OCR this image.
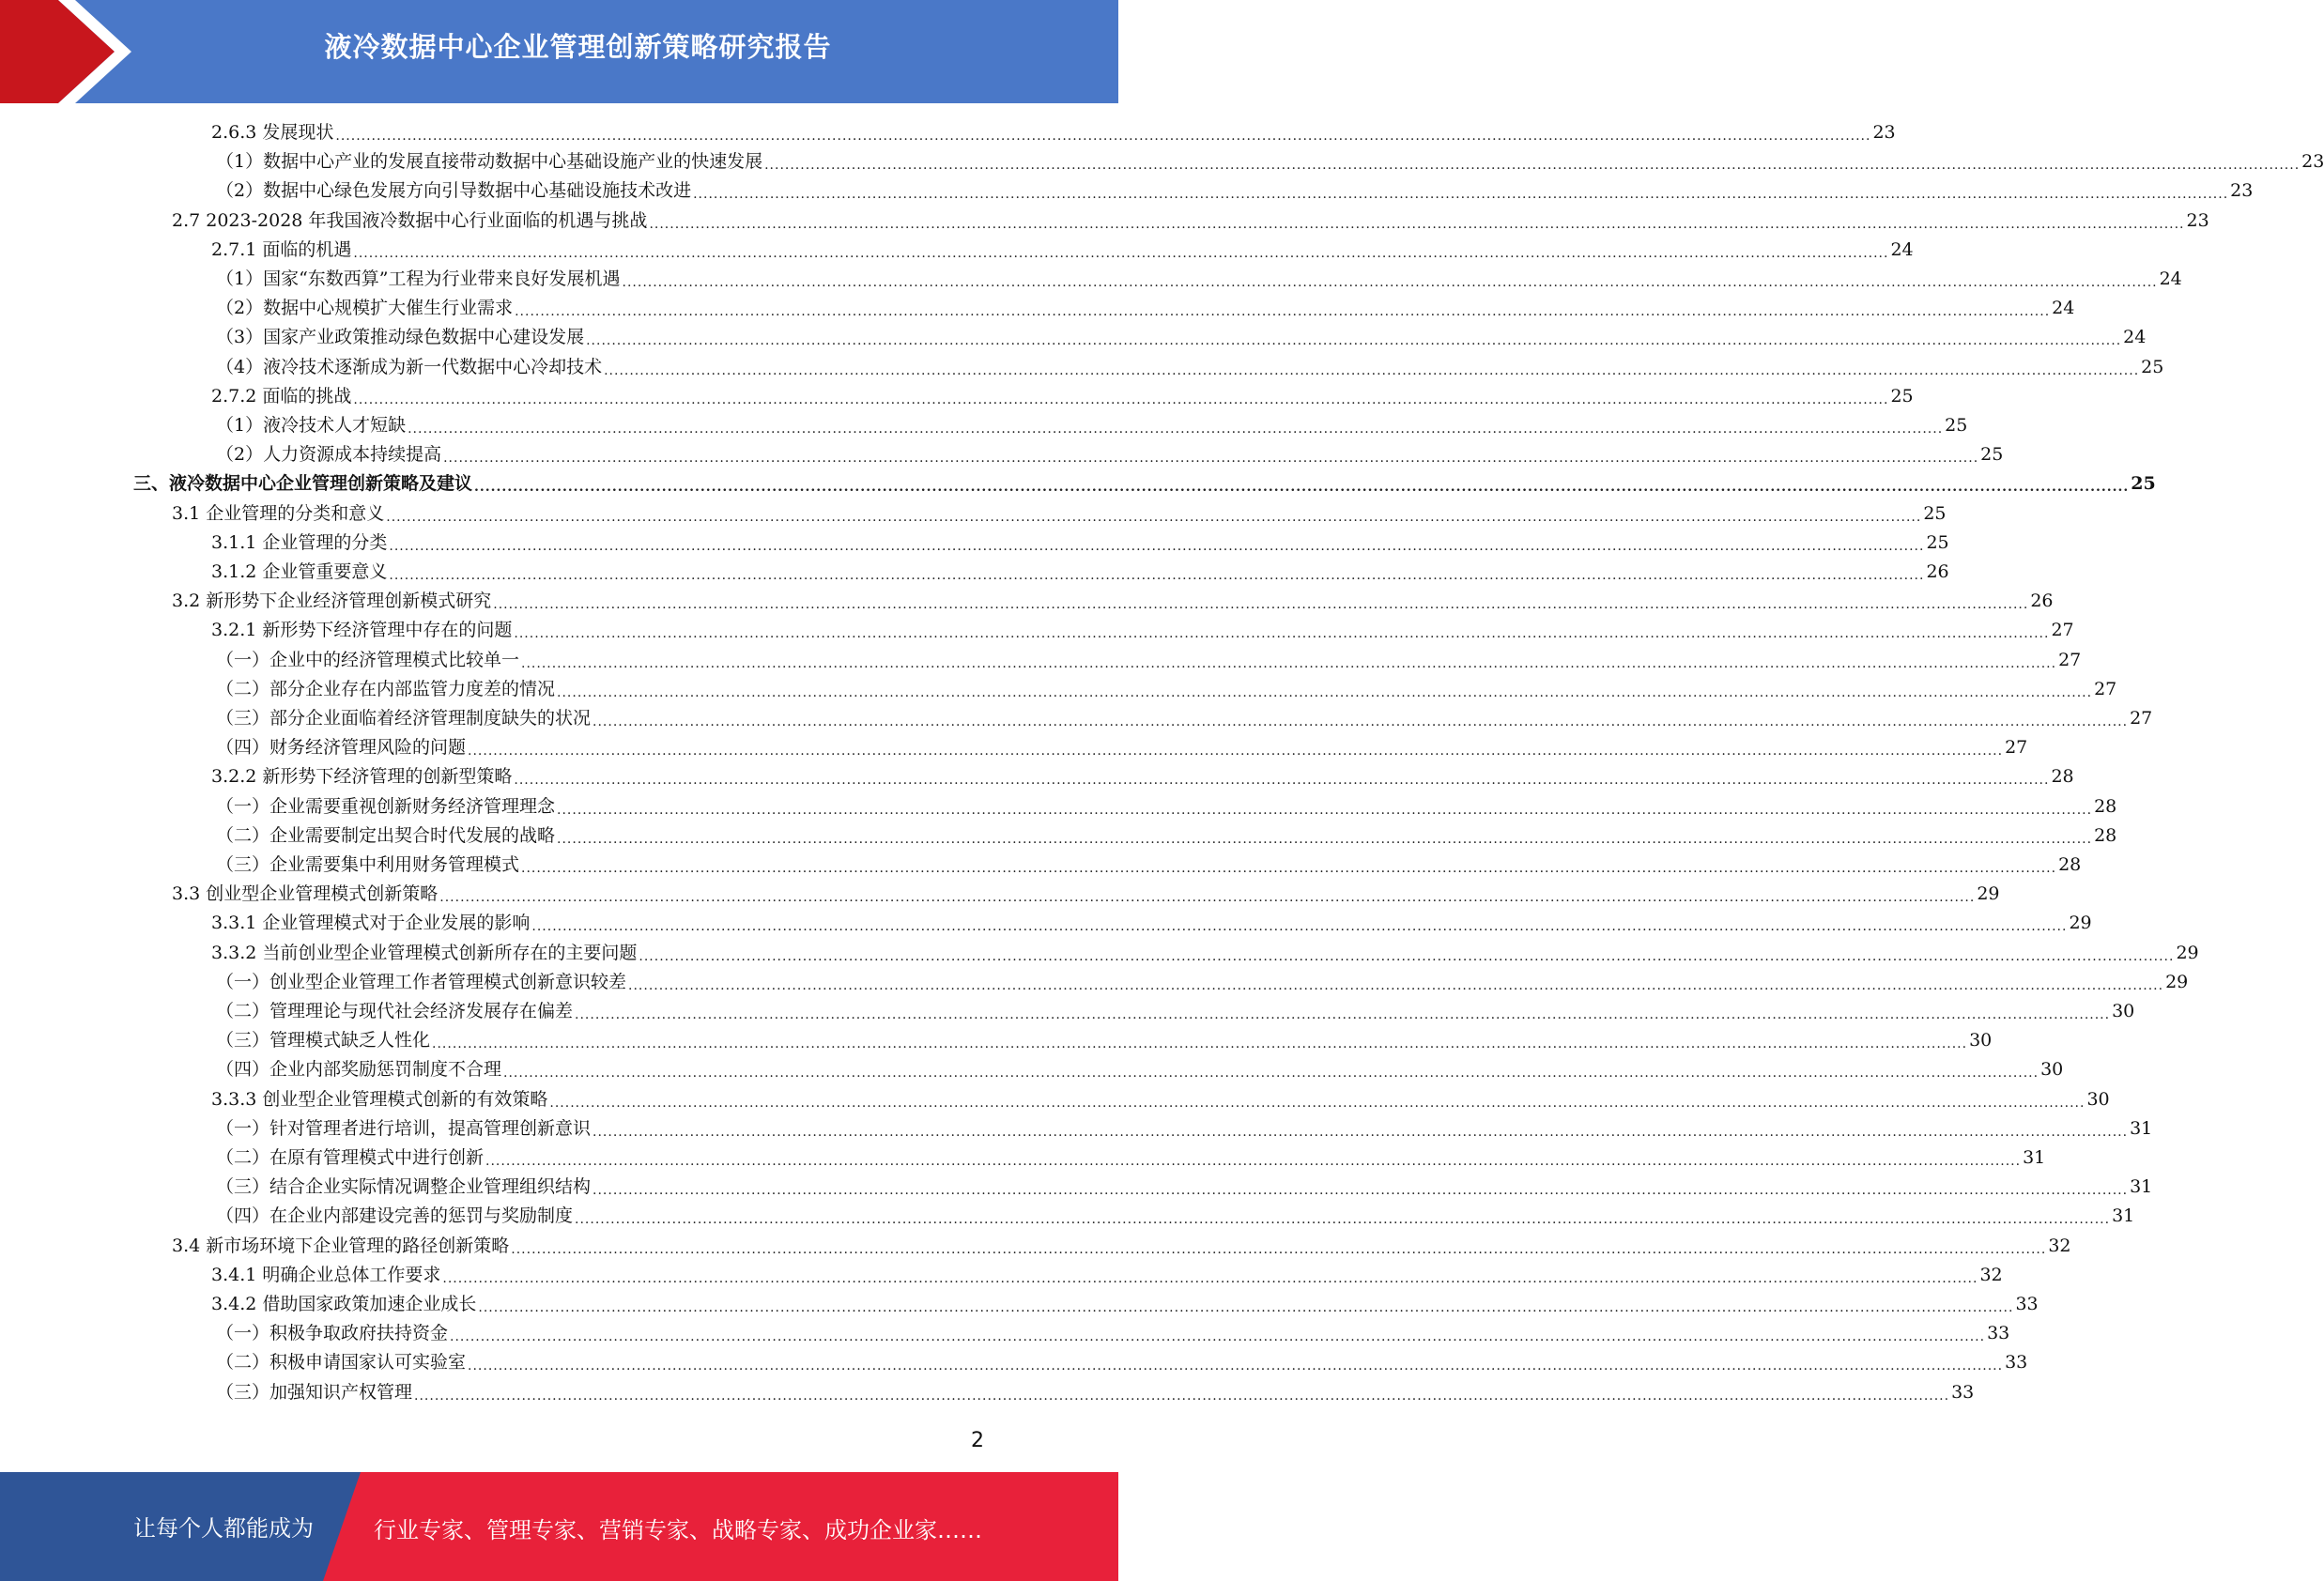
液冷数据中心企业管理创新策略研究报告
2.6.3 发展现状 ............................................................................................................................................................................................................................................................................................................ 23
（1）数据中心产业的发展直接带动数据中心基础设施产业的快速发展 ............................................................................................................................................................................................................................................................................................................ 23
（2）数据中心绿色发展方向引导数据中心基础设施技术改进 ............................................................................................................................................................................................................................................................................................................ 23
2.7 2023-2028 年我国液冷数据中心行业面临的机遇与挑战 ............................................................................................................................................................................................................................................................................................................ 23
2.7.1 面临的机遇 ............................................................................................................................................................................................................................................................................................................ 24
（1）国家“东数西算”工程为行业带来良好发展机遇 ............................................................................................................................................................................................................................................................................................................ 24
（2）数据中心规模扩大催生行业需求 ............................................................................................................................................................................................................................................................................................................ 24
（3）国家产业政策推动绿色数据中心建设发展 ............................................................................................................................................................................................................................................................................................................ 24
（4）液冷技术逐渐成为新一代数据中心冷却技术 ............................................................................................................................................................................................................................................................................................................ 25
2.7.2 面临的挑战 ............................................................................................................................................................................................................................................................................................................ 25
（1）液冷技术人才短缺 ............................................................................................................................................................................................................................................................................................................ 25
（2）人力资源成本持续提高 ............................................................................................................................................................................................................................................................................................................ 25
三、液冷数据中心企业管理创新策略及建议 ............................................................................................................................................................................................................................................................................................................ 25
3.1 企业管理的分类和意义 ............................................................................................................................................................................................................................................................................................................ 25
3.1.1 企业管理的分类 ............................................................................................................................................................................................................................................................................................................ 25
3.1.2 企业管重要意义 ............................................................................................................................................................................................................................................................................................................ 26
3.2 新形势下企业经济管理创新模式研究 ............................................................................................................................................................................................................................................................................................................ 26
3.2.1 新形势下经济管理中存在的问题 ............................................................................................................................................................................................................................................................................................................ 27
（一）企业中的经济管理模式比较单一 ............................................................................................................................................................................................................................................................................................................ 27
（二）部分企业存在内部监管力度差的情况 ............................................................................................................................................................................................................................................................................................................ 27
（三）部分企业面临着经济管理制度缺失的状况 ............................................................................................................................................................................................................................................................................................................ 27
（四）财务经济管理风险的问题 ............................................................................................................................................................................................................................................................................................................ 27
3.2.2 新形势下经济管理的创新型策略 ............................................................................................................................................................................................................................................................................................................ 28
（一）企业需要重视创新财务经济管理理念 ............................................................................................................................................................................................................................................................................................................ 28
（二）企业需要制定出契合时代发展的战略 ............................................................................................................................................................................................................................................................................................................ 28
（三）企业需要集中利用财务管理模式 ............................................................................................................................................................................................................................................................................................................ 28
3.3 创业型企业管理模式创新策略 ............................................................................................................................................................................................................................................................................................................ 29
3.3.1 企业管理模式对于企业发展的影响 ............................................................................................................................................................................................................................................................................................................ 29
3.3.2 当前创业型企业管理模式创新所存在的主要问题 ............................................................................................................................................................................................................................................................................................................ 29
（一）创业型企业管理工作者管理模式创新意识较差 ............................................................................................................................................................................................................................................................................................................ 29
（二）管理理论与现代社会经济发展存在偏差 ............................................................................................................................................................................................................................................................................................................ 30
（三）管理模式缺乏人性化 ............................................................................................................................................................................................................................................................................................................ 30
（四）企业内部奖励惩罚制度不合理 ............................................................................................................................................................................................................................................................................................................ 30
3.3.3 创业型企业管理模式创新的有效策略 ............................................................................................................................................................................................................................................................................................................ 30
（一）针对管理者进行培训，提高管理创新意识 ............................................................................................................................................................................................................................................................................................................ 31
（二）在原有管理模式中进行创新 ............................................................................................................................................................................................................................................................................................................ 31
（三）结合企业实际情况调整企业管理组织结构 ............................................................................................................................................................................................................................................................................................................ 31
（四）在企业内部建设完善的惩罚与奖励制度 ............................................................................................................................................................................................................................................................................................................ 31
3.4 新市场环境下企业管理的路径创新策略 ............................................................................................................................................................................................................................................................................................................ 32
3.4.1 明确企业总体工作要求 ............................................................................................................................................................................................................................................................................................................ 32
3.4.2 借助国家政策加速企业成长 ............................................................................................................................................................................................................................................................................................................ 33
（一）积极争取政府扶持资金 ............................................................................................................................................................................................................................................................................................................ 33
（二）积极申请国家认可实验室 ............................................................................................................................................................................................................................................................................................................ 33
（三）加强知识产权管理 ............................................................................................................................................................................................................................................................................................................ 33
2
让每个人都能成为	行业专家、管理专家、营销专家、战略专家、成功企业家……
